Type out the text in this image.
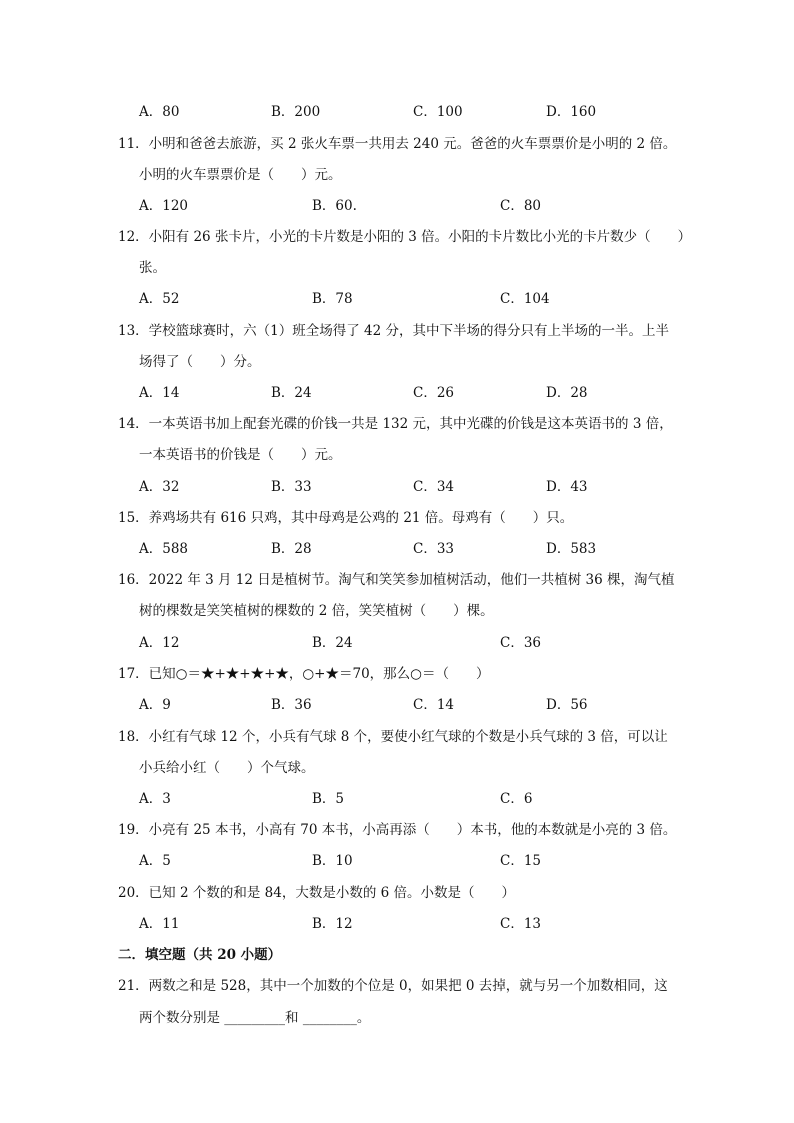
A．80	B．200	C．100	D．160
11．小明和爸爸去旅游，买 2 张火车票一共用去 240 元。爸爸的火车票票价是小明的 2 倍。
小明的火车票票价是（　　）元。
A．120	B．60.	C．80
12．小阳有 26 张卡片，小光的卡片数是小阳的 3 倍。小阳的卡片数比小光的卡片数少（　　）
张。
A．52	B．78	C．104
13．学校篮球赛时，六（1）班全场得了 42 分，其中下半场的得分只有上半场的一半。上半
场得了（　　）分。
A．14	B．24	C．26	D．28
14．一本英语书加上配套光碟的价钱一共是 132 元，其中光碟的价钱是这本英语书的 3 倍，
一本英语书的价钱是（　　）元。
A．32	B．33	C．34	D．43
15．养鸡场共有 616 只鸡，其中母鸡是公鸡的 21 倍。母鸡有（　　）只。
A．588	B．28	C．33	D．583
16．2022 年 3 月 12 日是植树节。淘气和笑笑参加植树活动，他们一共植树 36 棵，淘气植
树的棵数是笑笑植树的棵数的 2 倍，笑笑植树（　　）棵。
A．12	B．24	C．36
17．已知○＝★+★+★+★，○+★＝70，那么○＝（　　）
A．9	B．36	C．14	D．56
18．小红有气球 12 个，小兵有气球 8 个，要使小红气球的个数是小兵气球的 3 倍，可以让
小兵给小红（　　）个气球。
A．3	B．5	C．6
19．小亮有 25 本书，小高有 70 本书，小高再添（　　）本书，他的本数就是小亮的 3 倍。
A．5	B．10	C．15
20．已知 2 个数的和是 84，大数是小数的 6 倍。小数是（　　）
A．11	B．12	C．13
二．填空题（共 20 小题）
21．两数之和是 528，其中一个加数的个位是 0，如果把 0 去掉，就与另一个加数相同，这
两个数分别是 _________和 ________。
